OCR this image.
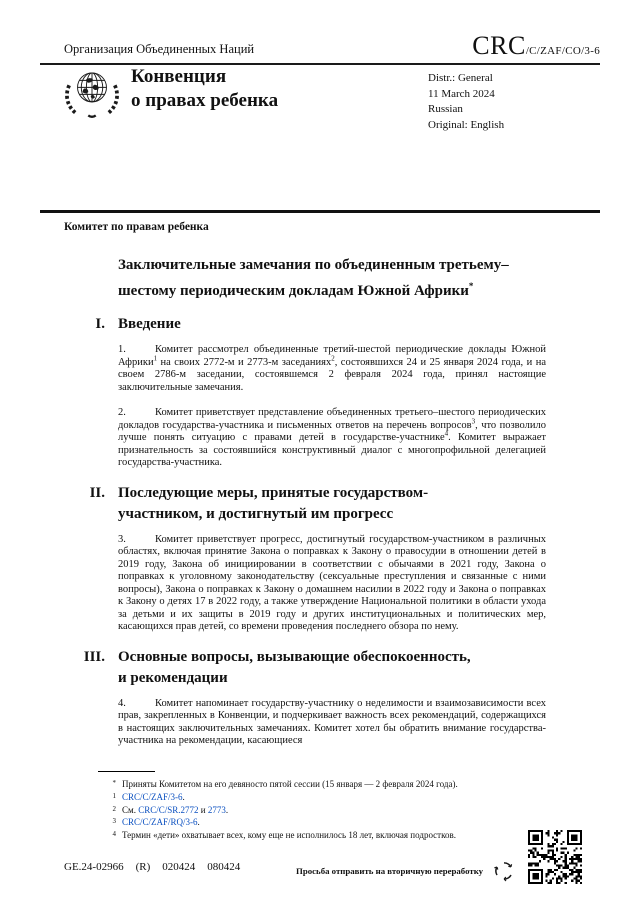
Организация Объединенных Наций	CRC/C/ZAF/CO/3-6
Конвенция
о правах ребенка
Distr.: General
11 March 2024
Russian
Original: English
Комитет по правам ребенка
Заключительные замечания по объединенным третьему–шестому периодическим докладам Южной Африки*
I. Введение

1.	Комитет рассмотрел объединенные третий-шестой периодические доклады Южной Африки$^1$ на своих 2772-м и 2773-м заседаниях$^2$, состоявшихся 24 и 25 января 2024 года, и на своем 2786-м заседании, состоявшемся 2 февраля 2024 года, принял настоящие заключительные замечания.

2.	Комитет приветствует представление объединенных третьего–шестого периодических докладов государства-участника и письменных ответов на перечень вопросов$^3$, что позволило лучше понять ситуацию с правами детей в государстве-участнике$^4$. Комитет выражает признательность за состоявшийся конструктивный диалог с многопрофильной делегацией государства-участника.

II. Последующие меры, принятые государством-участником, и достигнутый им прогресс

3.	Комитет приветствует прогресс, достигнутый государством-участником в различных областях, включая принятие Закона о поправках к Закону о правосудии в отношении детей в 2019 году, Закона об инициировании в соответствии с обычаями в 2021 году, Закона о поправках к уголовному законодательству (сексуальные преступления и связанные с ними вопросы), Закона о поправках к Закону о домашнем насилии в 2022 году и Закона о поправках к Закону о детях 17 в 2022 году, а также утверждение Национальной политики в области ухода за детьми и их защиты в 2019 году и других институциональных и политических мер, касающихся прав детей, со времени проведения последнего обзора по нему.

III. Основные вопросы, вызывающие обеспокоенность, и рекомендации

4.	Комитет напоминает государству-участнику о неделимости и взаимозависимости всех прав, закрепленных в Конвенции, и подчеркивает важность всех рекомендаций, содержащихся в настоящих заключительных замечаниях. Комитет хотел бы обратить внимание государства-участника на рекомендации, касающиеся

* Приняты Комитетом на его девяносто пятой сессии (15 января — 2 февраля 2024 года).
1 CRC/C/ZAF/3-6.
2 См. CRC/C/SR.2772 и 2773.
3 CRC/C/ZAF/RQ/3-6.
4 Термин «дети» охватывает всех, кому еще не исполнилось 18 лет, включая подростков.
GE.24-02966 (R) 020424 080424	Просьба отправить на вторичную переработку
